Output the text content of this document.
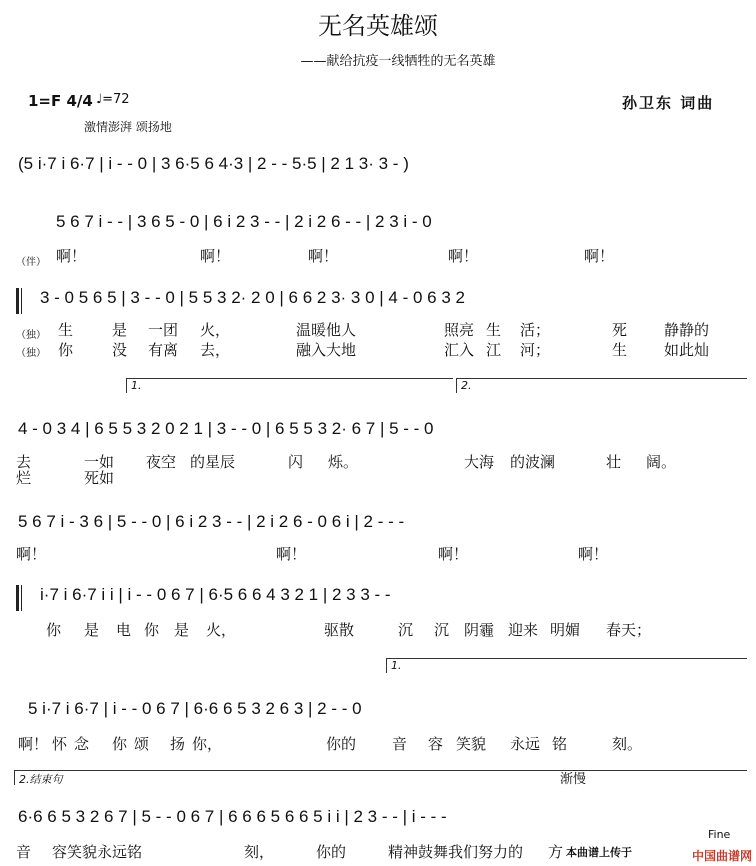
无名英雄颂
——献给抗疫一线牺牲的无名英雄
1=F 4/4 ♩=72
激情澎湃 颂扬地
孙卫东 词曲
(5 i·7 i 6·7 | i - - 0 | 3 6·5 6 4·3 | 2 - - 5·5 | 2 1 3· 3 - )
5 6 7 i - - | 3 6 5 - 0 | 6 i 2 3 - - | 2 i 2 6 - - | 2 3 i - 0
（伴） 啊！	啊！	啊！	啊！	啊！
3 - 0 5 6 5 | 3 - - 0 | 5 5 3 2· 2 0 | 6 6 2 3· 3 0 | 4 - 0 6 3 2
（独）
（独）
生	是 一团 火，	温暖他人	照亮 生 活；	死 静静的
你	没 有离 去，	融入大地	汇入 江 河；	生 如此灿
1.	2.
4 - 0 3 4 | 6 5 5 3 2 0 2 1 | 3 - - 0 | 6 5 5 3 2· 6 7 | 5 - - 0
去	一如 夜空 的星辰	闪 烁。	大海 的波澜	壮 阔。
烂	死如
5 6 7 i - 3 6 | 5 - - 0 | 6 i 2 3 - - | 2 i 2 6 - 0 6 i | 2 - - -
啊！	啊！	啊！	啊！
i·7 i 6·7 i i | i - - 0 6 7 | 6·5 6 6 4 3 2 1 | 2 3 3 - -
你 是 电 你 是 火，	驱散	沉 沉 阴霾 迎来 明媚 春天；
1.
5 i·7 i 6·7 | i - - 0 6 7 | 6·6 6 5 3 2 6 3 | 2 - - 0
啊！ 怀 念 你 颂 扬 你，	你的 音 容 笑貌 永远 铭	刻。
2.结束句	渐慢
6·6 6 5 3 2 6 7 | 5 - - 0 6 7 | 6 6 6 5 6 6 5 i i | 2 3 - - | i - - -
音 容笑貌永远铭	刻，	你的	精神鼓舞我们努力的 方
Fine
本曲谱上传于	中国曲谱网
